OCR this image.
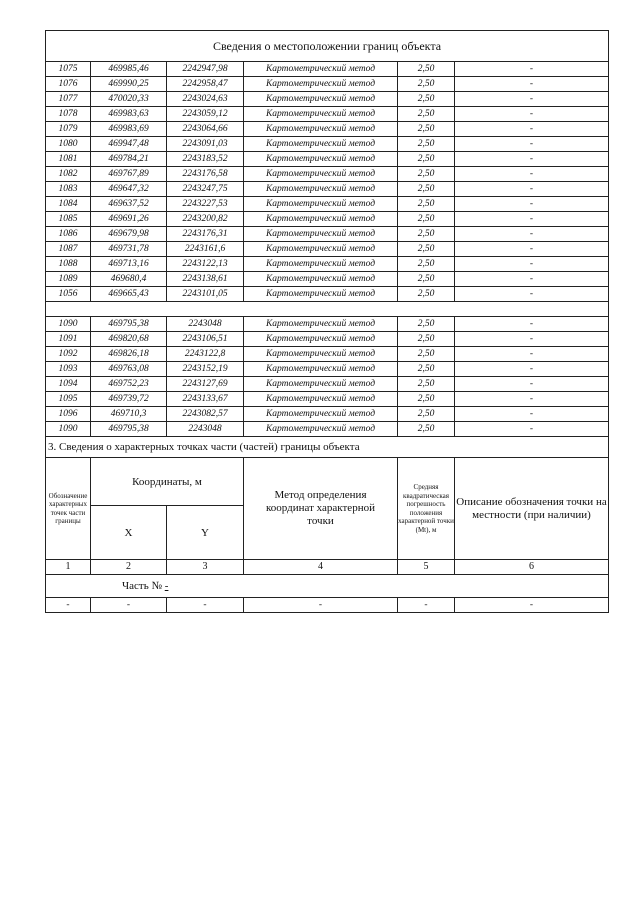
Сведения о местоположении границ объекта					
1075	469985,46	2242947,98	Картометрический метод	2,50	-
1076	469990,25	2242958,47	Картометрический метод	2,50	-
1077	470020,33	2243024,63	Картометрический метод	2,50	-
1078	469983,63	2243059,12	Картометрический метод	2,50	-
1079	469983,69	2243064,66	Картометрический метод	2,50	-
1080	469947,48	2243091,03	Картометрический метод	2,50	-
1081	469784,21	2243183,52	Картометрический метод	2,50	-
1082	469767,89	2243176,58	Картометрический метод	2,50	-
1083	469647,32	2243247,75	Картометрический метод	2,50	-
1084	469637,52	2243227,53	Картометрический метод	2,50	-
1085	469691,26	2243200,82	Картометрический метод	2,50	-
1086	469679,98	2243176,31	Картометрический метод	2,50	-
1087	469731,78	2243161,6	Картометрический метод	2,50	-
1088	469713,16	2243122,13	Картометрический метод	2,50	-
1089	469680,4	2243138,61	Картометрический метод	2,50	-
1056	469665,43	2243101,05	Картометрический метод	2,50	-

1090	469795,38	2243048	Картометрический метод	2,50	-
1091	469820,68	2243106,51	Картометрический метод	2,50	-
1092	469826,18	2243122,8	Картометрический метод	2,50	-
1093	469763,08	2243152,19	Картометрический метод	2,50	-
1094	469752,23	2243127,69	Картометрический метод	2,50	-
1095	469739,72	2243133,67	Картометрический метод	2,50	-
1096	469710,3	2243082,57	Картометрический метод	2,50	-
1090	469795,38	2243048	Картометрический метод	2,50	-
3. Сведения о характерных точках части (частей) границы объекта					
Обозначение характерных точек части границы	Координаты, м		Метод определения координат характерной точки	Средняя квадратическая погрешность положения характерной точки (Mt), м	Описание обозначения точки на местности (при наличии)
	X	Y			
1	2	3	4	5	6
Часть № -					
-	-	-	-	-	-
